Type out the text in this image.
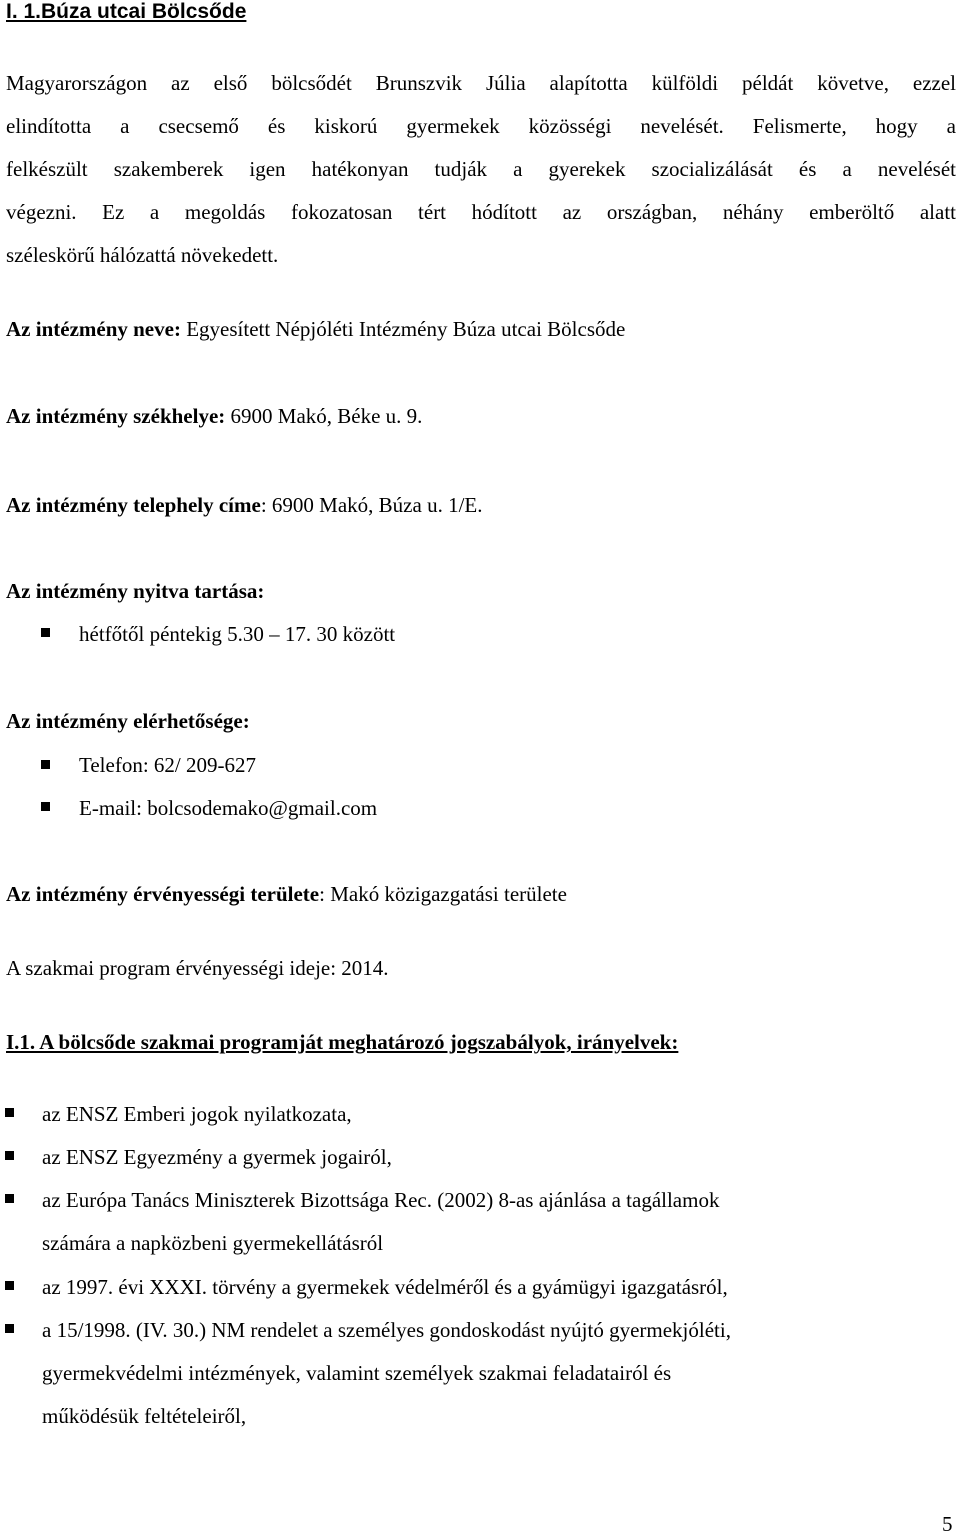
I. 1.Búza utcai Bölcsőde
Magyarországon az első bölcsődét Brunszvik Júlia alapította külföldi példát követve, ezzel
elindította a csecsemő és kiskorú gyermekek közösségi nevelését. Felismerte, hogy a
felkészült szakemberek igen hatékonyan tudják a gyerekek szocializálását és a nevelését
végezni. Ez a megoldás fokozatosan tért hódított az országban, néhány emberöltő alatt
széleskörű hálózattá növekedett.
Az intézmény neve: Egyesített Népjóléti Intézmény Búza utcai Bölcsőde
Az intézmény székhelye: 6900 Makó, Béke u. 9.
Az intézmény telephely címe: 6900 Makó, Búza u. 1/E.
Az intézmény nyitva tartása:
hétfőtől péntekig 5.30 – 17. 30 között
Az intézmény elérhetősége:
Telefon: 62/ 209-627
E-mail: bolcsodemako@gmail.com
Az intézmény érvényességi területe: Makó közigazgatási területe
A szakmai program érvényességi ideje: 2014.
I.1. A bölcsőde szakmai programját meghatározó jogszabályok, irányelvek:
az ENSZ Emberi jogok nyilatkozata,
az ENSZ Egyezmény a gyermek jogairól,
az Európa Tanács Miniszterek Bizottsága Rec. (2002) 8-as ajánlása a tagállamok
számára a napközbeni gyermekellátásról
az 1997. évi XXXI. törvény a gyermekek védelméről és a gyámügyi igazgatásról,
a 15/1998. (IV. 30.) NM rendelet a személyes gondoskodást nyújtó gyermekjóléti,
gyermekvédelmi intézmények, valamint személyek szakmai feladatairól és
működésük feltételeiről,
5
